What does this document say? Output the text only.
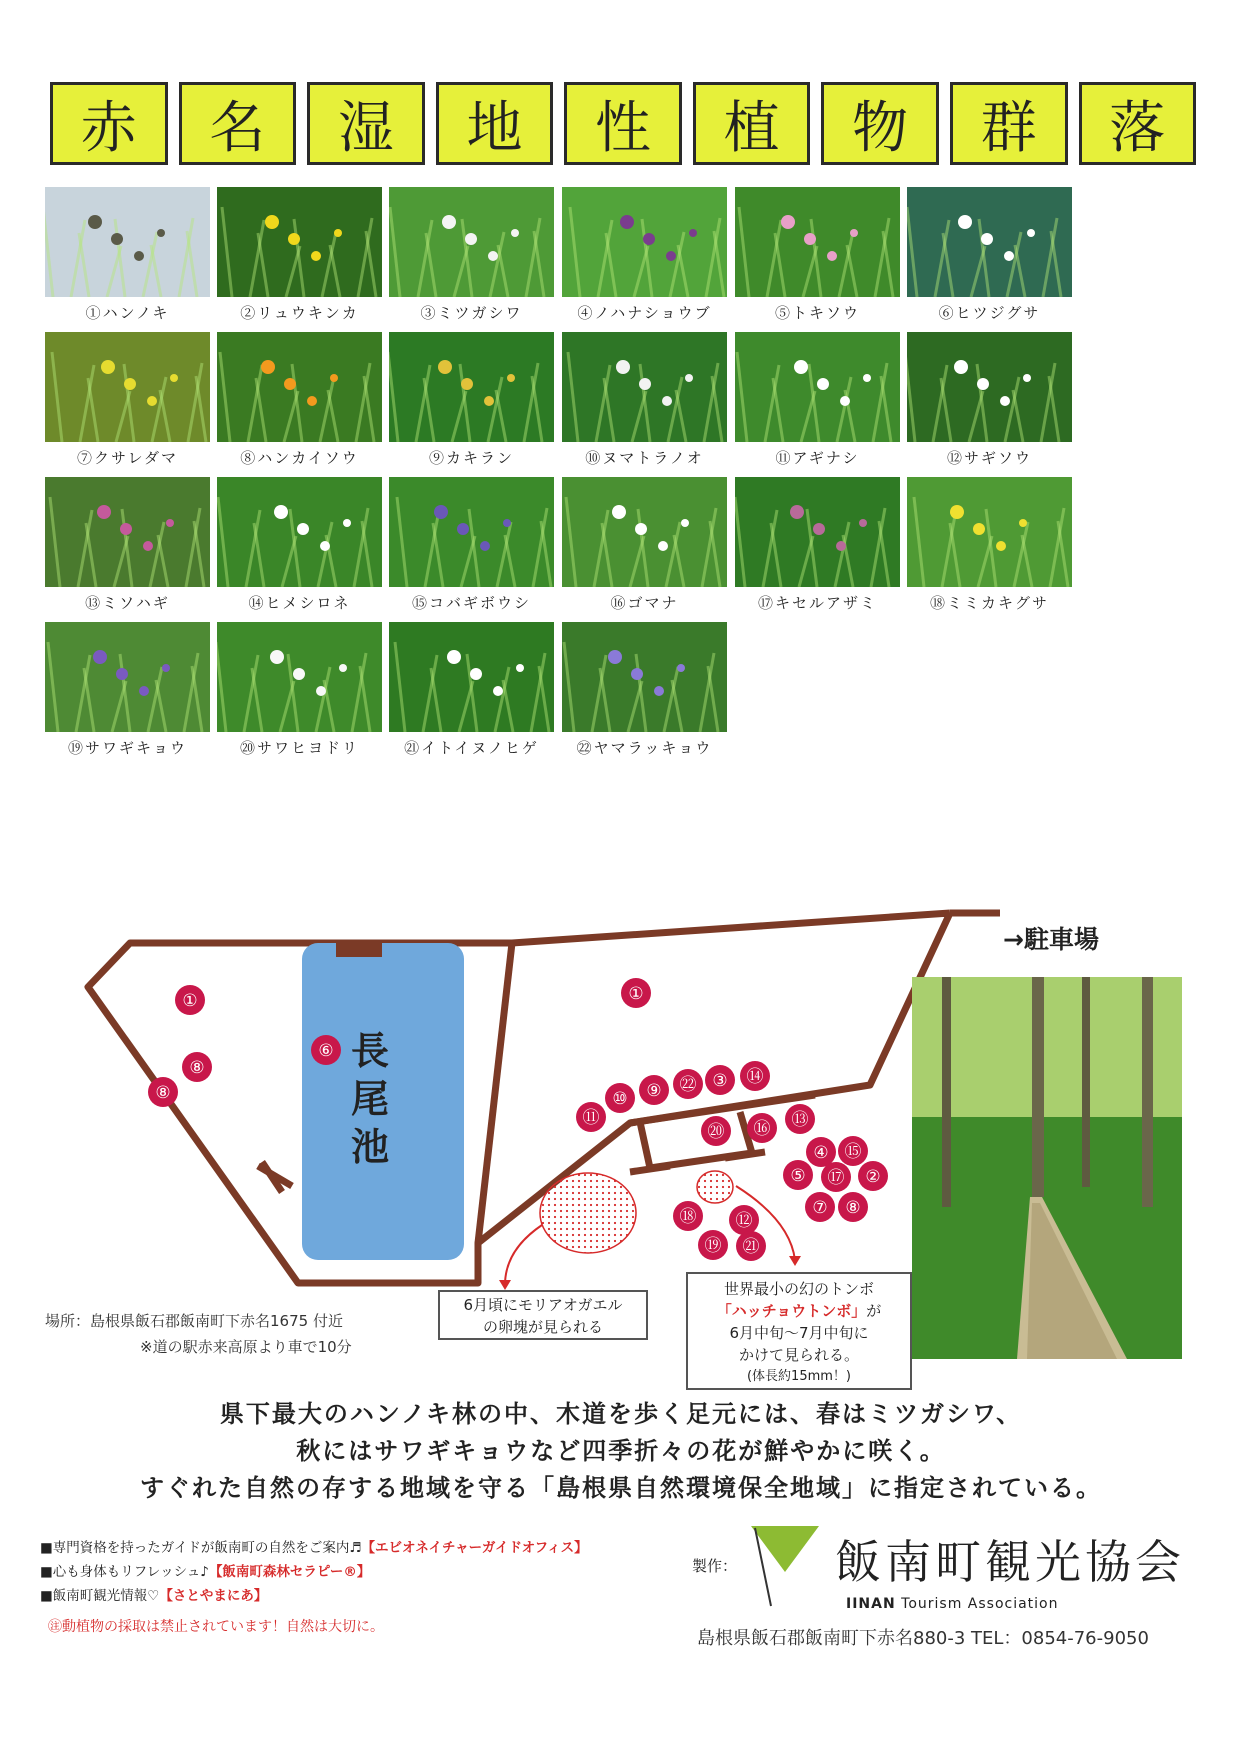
赤	名	湿	地	性	植	物	群	落
①ハンノキ	②リュウキンカ	③ミツガシワ	④ノハナショウブ	⑤トキソウ	⑥ヒツジグサ
⑦クサレダマ	⑧ハンカイソウ	⑨カキラン	⑩ヌマトラノオ	⑪アギナシ	⑫サギソウ
⑬ミソハギ	⑭ヒメシロネ	⑮コバギボウシ	⑯ゴマナ	⑰キセルアザミ	⑱ミミカキグサ
⑲サワギキョウ	⑳サワヒヨドリ	㉑イトイヌノヒゲ	㉒ヤマラッキョウ
①
⑧
⑧
⑥
①
⑪
⑩ ⑨ ㉒ ③ ⑭
⑳ ⑯ ⑬
④ ⑮
⑤ ⑰ ②
⑦ ⑧
⑱ ⑫
⑲ ㉑
→駐車場
長尾池
6月頃にモリアオガエル
の卵塊が見られる
世界最小の幻のトンボ
「ハッチョウトンボ」が
6月中旬～7月中旬に
かけて見られる。
(体長約15mm！)
場所：島根県飯石郡飯南町下赤名1675 付近
※道の駅赤来高原より車で10分
県下最大のハンノキ林の中、木道を歩く足元には、春はミツガシワ、
秋にはサワギキョウなど四季折々の花が鮮やかに咲く。
すぐれた自然の存する地域を守る「島根県自然環境保全地域」に指定されている。
■専門資格を持ったガイドが飯南町の自然をご案内♬【エビオネイチャーガイドオフィス】
■心も身体もリフレッシュ♪【飯南町森林セラピー®】
■飯南町観光情報♡【さとやまにあ】
㊟動植物の採取は禁止されています！自然は大切に。
製作： 飯南町観光協会
IINAN Tourism Association
島根県飯石郡飯南町下赤名880-3 TEL：0854-76-9050
